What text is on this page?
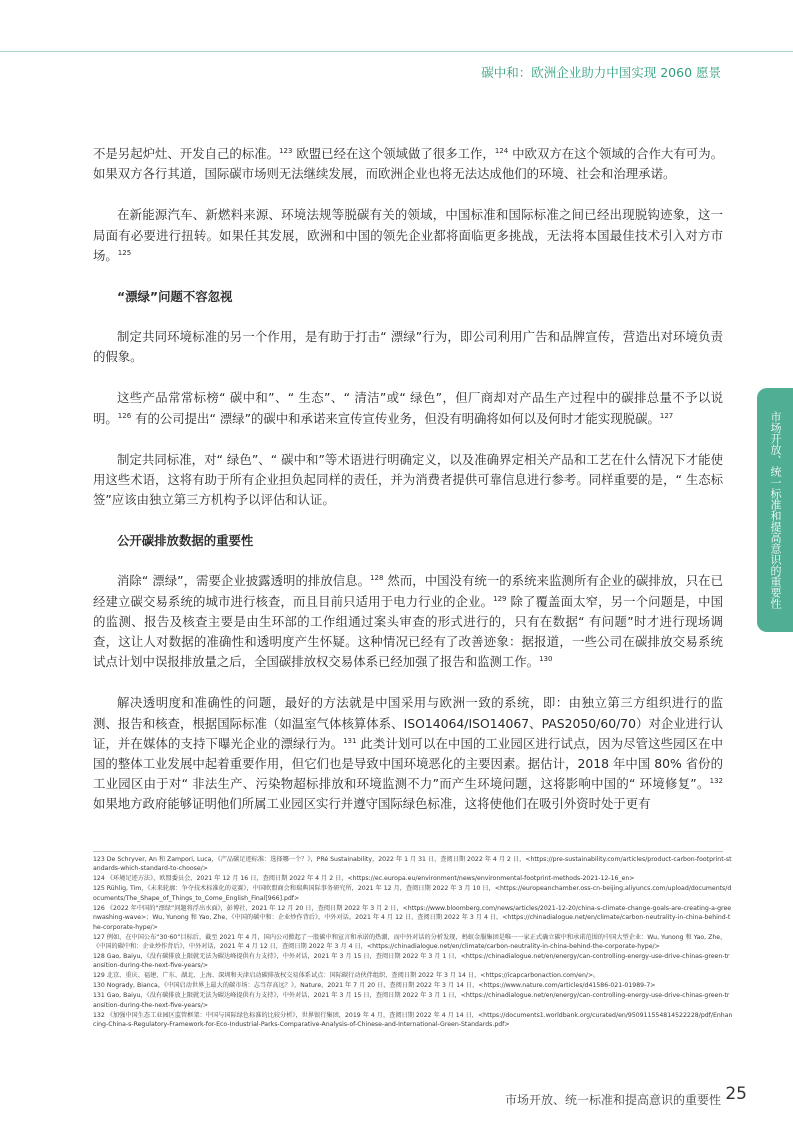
碳中和：欧洲企业助力中国实现 2060 愿景
市场开放、统一标准和提高意识的重要性

不是另起炉灶、开发自己的标准。$^{123}$ 欧盟已经在这个领域做了很多工作，$^{124}$ 中欧双方在这个领域的合作大有可为。如果双方各行其道，国际碳市场则无法继续发展，而欧洲企业也将无法达成他们的环境、社会和治理承诺。

在新能源汽车、新燃料来源、环境法规等脱碳有关的领域，中国标准和国际标准之间已经出现脱钩迹象，这一局面有必要进行扭转。如果任其发展，欧洲和中国的领先企业都将面临更多挑战，无法将本国最佳技术引入对方市场。$^{125}$

“漂绿”问题不容忽视

制定共同环境标准的另一个作用，是有助于打击“ 漂绿”行为，即公司利用广告和品牌宣传，营造出对环境负责的假象。

这些产品常常标榜“ 碳中和”、“ 生态”、“ 清洁”或“ 绿色”，但厂商却对产品生产过程中的碳排总量不予以说明。$^{126}$ 有的公司提出“ 漂绿”的碳中和承诺来宣传宣传业务，但没有明确将如何以及何时才能实现脱碳。$^{127}$

制定共同标准，对“ 绿色”、“ 碳中和”等术语进行明确定义，以及准确界定相关产品和工艺在什么情况下才能使用这些术语，这将有助于所有企业担负起同样的责任，并为消费者提供可靠信息进行参考。同样重要的是，“ 生态标签”应该由独立第三方机构予以评估和认证。

公开碳排放数据的重要性

消除“ 漂绿”，需要企业披露透明的排放信息。$^{128}$ 然而，中国没有统一的系统来监测所有企业的碳排放，只在已经建立碳交易系统的城市进行核查，而且目前只适用于电力行业的企业。$^{129}$ 除了覆盖面太窄，另一个问题是，中国的监测、报告及核查主要是由生环部的工作组通过案头审查的形式进行的，只有在数据“ 有问题”时才进行现场调查，这让人对数据的准确性和透明度产生怀疑。这种情况已经有了改善迹象：据报道，一些公司在碳排放交易系统试点计划中误报排放量之后，全国碳排放权交易体系已经加强了报告和监测工作。$^{130}$

解决透明度和准确性的问题，最好的方法就是中国采用与欧洲一致的系统，即：由独立第三方组织进行的监测、报告和核查，根据国际标准（如温室气体核算体系、ISO14064/ISO14067、PAS2050/60/70）对企业进行认证，并在媒体的支持下曝光企业的漂绿行为。$^{131}$ 此类计划可以在中国的工业园区进行试点，因为尽管这些园区在中国的整体工业发展中起着重要作用，但它们也是导致中国环境恶化的主要因素。据估计，2018 年中国 80% 省份的工业园区由于对“ 非法生产、污染物超标排放和环境监测不力”而产生环境问题，这将影响中国的“ 环境修复”。$^{132}$ 如果地方政府能够证明他们所属工业园区实行并遵守国际绿色标准，这将使他们在吸引外资时处于更有

123 De Schryver, An 和 Zampori, Luca，《产品碳足迹标准：选择哪一个？》，PRé Sustainability，2022 年 1 月 31 日，查阅日期 2022 年 4 月 2 日，<https://pre-sustainability.com/articles/product-carbon-footprint-standards-which-standard-to-choose/>

124 《环境足迹方法》，欧盟委员会，2021 年 12 月 16 日，查阅日期 2022 年 4 月 2 日，<https://ec.europa.eu/environment/news/environmental-footprint-methods-2021-12-16_en>

125 Rühlig, Tim，《未来轮廓：争夺技术标准化的竞赛》，中国欧盟商会和瑞典国际事务研究所，2021 年 12 月，查阅日期 2022 年 3 月 10 日，<https://europeanchamber.oss-cn-beijing.aliyuncs.com/upload/documents/documents/The_Shape_of_Things_to_Come_English_Final[966].pdf>

126 《2022 年中国的“漂绿”问题将浮出水面》，彭博社，2021 年 12 月 20 日，查阅日期 2022 年 3 月 2 日，<https://www.bloomberg.com/news/articles/2021-12-20/china-s-climate-change-goals-are-creating-a-greenwashing-wave>；Wu, Yunong 和 Yao, Zhe，《中国的碳中和：企业炒作背后》，中外对话，2021 年 4 月 12 日，查阅日期 2022 年 3 月 4 日，<https://chinadialogue.net/en/climate/carbon-neutrality-in-china-behind-the-corporate-hype/>

127 例如，在中国公布“30·60”目标后，截至 2021 年 4 月，国内公司掀起了一股碳中和宣言和承诺的热潮，而中外对话的分析发现，蚂蚁金服集团是唯一一家正式确立碳中和承诺范围的中国大型企业：Wu, Yunong 和 Yao, Zhe，《中国的碳中和：企业炒作背后》，中外对话，2021 年 4 月 12 日，查阅日期 2022 年 3 月 4 日，<https://chinadialogue.net/en/climate/carbon-neutrality-in-china-behind-the-corporate-hype/>

128 Gao, Baiyu，《没有碳排放上限就无法为碳达峰提供有力支持》，中外对话，2021 年 3 月 15 日，查阅日期 2022 年 3 月 1 日，<https://chinadialogue.net/en/energy/can-controlling-energy-use-drive-chinas-green-transition-during-the-next-five-years/>

129 北京、重庆、福建、广东、湖北、上海、深圳和天津启动碳排放权交易体系试点：国际碳行动伙伴组织，查阅日期 2022 年 3 月 14 日，<https://icapcarbonaction.com/en/>。

130 Nogrady, Bianca，《中国启动世界上最大的碳市场：志当存高远？》，Nature，2021 年 7 月 20 日，查阅日期 2022 年 3 月 14 日，<https://www.nature.com/articles/d41586-021-01989-7>

131 Gao, Baiyu，《没有碳排放上限就无法为碳达峰提供有力支持》，中外对话，2021 年 3 月 15 日，查阅日期 2022 年 3 月 1 日，<https://chinadialogue.net/en/energy/can-controlling-energy-use-drive-chinas-green-transition-during-the-next-five-years/>

132 《加强中国生态工业园区监管框架：中国与国际绿色标准的比较分析》，世界银行集团，2019 年 4 月，查阅日期 2022 年 4 月 14 日，<https://documents1.worldbank.org/curated/en/950911554814522228/pdf/Enhancing-China-s-Regulatory-Framework-for-Eco-Industrial-Parks-Comparative-Analysis-of-Chinese-and-International-Green-Standards.pdf>

市场开放、统一标准和提高意识的重要性 25
